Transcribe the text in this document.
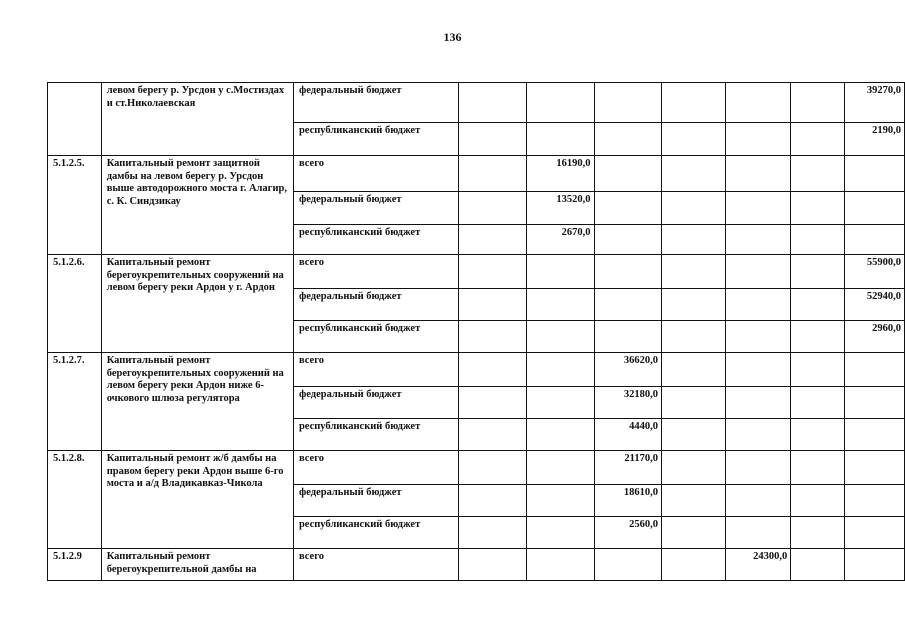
136
	левом берегу р. Урсдон у с.Мостиздах и ст.Николаевская	федеральный бюджет							39270,0
		республиканский бюджет							2190,0
5.1.2.5.	Капитальный ремонт защитной дамбы на левом берегу р. Урсдон выше автодорожного моста г. Алагир, с. К. Синдзикау	всего		16190,0					
		федеральный бюджет		13520,0					
		республиканский бюджет		2670,0					
5.1.2.6.	Капитальный ремонт берегоукрепительных сооружений на левом берегу реки Ардон у г. Ардон	всего							55900,0
		федеральный бюджет							52940,0
		республиканский бюджет							2960,0
5.1.2.7.	Капитальный ремонт берегоукрепительных сооружений на левом берегу реки Ардон ниже 6- очкового шлюза регулятора	всего			36620,0				
		федеральный бюджет			32180,0				
		республиканский бюджет			4440,0				
5.1.2.8.	Капитальный ремонт ж/б дамбы на правом берегу реки Ардон выше 6-го моста и а/д Владикавказ-Чикола	всего			21170,0				
		федеральный бюджет			18610,0				
		республиканский бюджет			2560,0				
5.1.2.9	Капитальный ремонт берегоукрепительной дамбы на	всего					24300,0		
